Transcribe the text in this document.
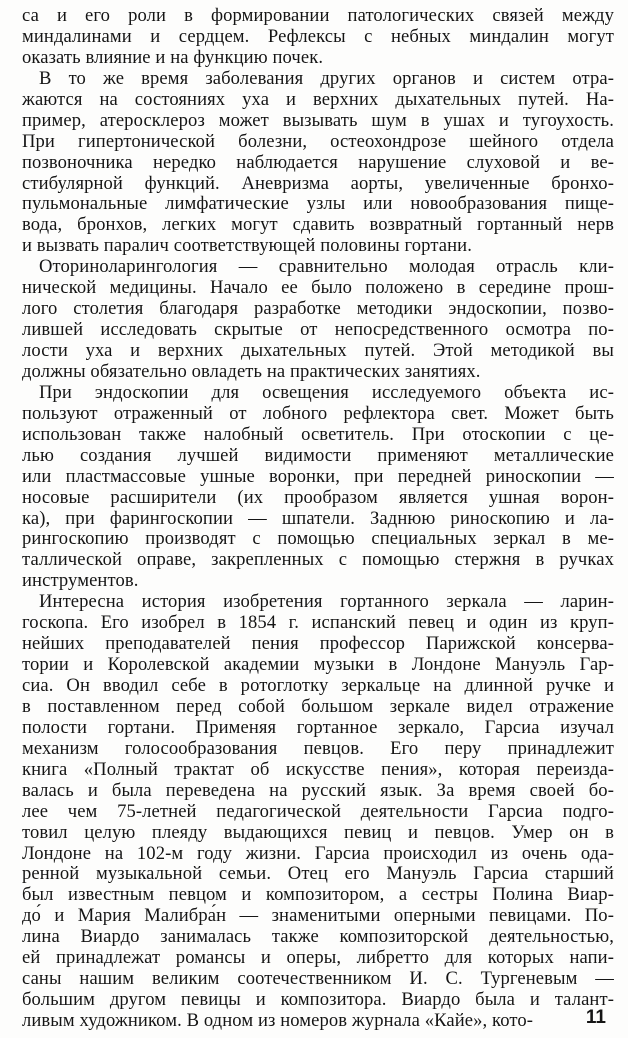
са и его роли в формировании патологических связей между
миндалинами и сердцем. Рефлексы с небных миндалин могут
оказать влияние и на функцию почек.
В то же время заболевания других органов и систем отра-
жаются на состояниях уха и верхних дыхательных путей. На-
пример, атеросклероз может вызывать шум в ушах и тугоухость.
При гипертонической болезни, остеохондрозе шейного отдела
позвоночника нередко наблюдается нарушение слуховой и ве-
стибулярной функций. Аневризма аорты, увеличенные бронхо-
пульмональные лимфатические узлы или новообразования пище-
вода, бронхов, легких могут сдавить возвратный гортанный нерв
и вызвать паралич соответствующей половины гортани.
Оториноларингология — сравнительно молодая отрасль кли-
нической медицины. Начало ее было положено в середине прош-
лого столетия благодаря разработке методики эндоскопии, позво-
лившей исследовать скрытые от непосредственного осмотра по-
лости уха и верхних дыхательных путей. Этой методикой вы
должны обязательно овладеть на практических занятиях.
При эндоскопии для освещения исследуемого объекта ис-
пользуют отраженный от лобного рефлектора свет. Может быть
использован также налобный осветитель. При отоскопии с це-
лью создания лучшей видимости применяют металлические
или пластмассовые ушные воронки, при передней риноскопии —
носовые расширители (их прообразом является ушная ворон-
ка), при фарингоскопии — шпатели. Заднюю риноскопию и ла-
рингоскопию производят с помощью специальных зеркал в ме-
таллической оправе, закрепленных с помощью стержня в ручках
инструментов.
Интересна история изобретения гортанного зеркала — ларин-
госкопа. Его изобрел в 1854 г. испанский певец и один из круп-
нейших преподавателей пения профессор Парижской консерва-
тории и Королевской академии музыки в Лондоне Мануэль Гар-
сиа. Он вводил себе в ротоглотку зеркальце на длинной ручке и
в поставленном перед собой большом зеркале видел отражение
полости гортани. Применяя гортанное зеркало, Гарсиа изучал
механизм голосообразования певцов. Его перу принадлежит
книга «Полный трактат об искусстве пения», которая переизда-
валась и была переведена на русский язык. За время своей бо-
лее чем 75-летней педагогической деятельности Гарсиа подго-
товил целую плеяду выдающихся певиц и певцов. Умер он в
Лондоне на 102-м году жизни. Гарсиа происходил из очень ода-
ренной музыкальной семьи. Отец его Мануэль Гарсиа старший
был известным певцом и композитором, а сестры Полина Виар-
до́ и Мария Малибра́н — знаменитыми оперными певицами. По-
лина Виардо занималась также композиторской деятельностью,
ей принадлежат романсы и оперы, либретто для которых напи-
саны нашим великим соотечественником И. С. Тургеневым —
большим другом певицы и композитора. Виардо была и талант-
ливым художником. В одном из номеров журнала «Кайе», кото-	11
